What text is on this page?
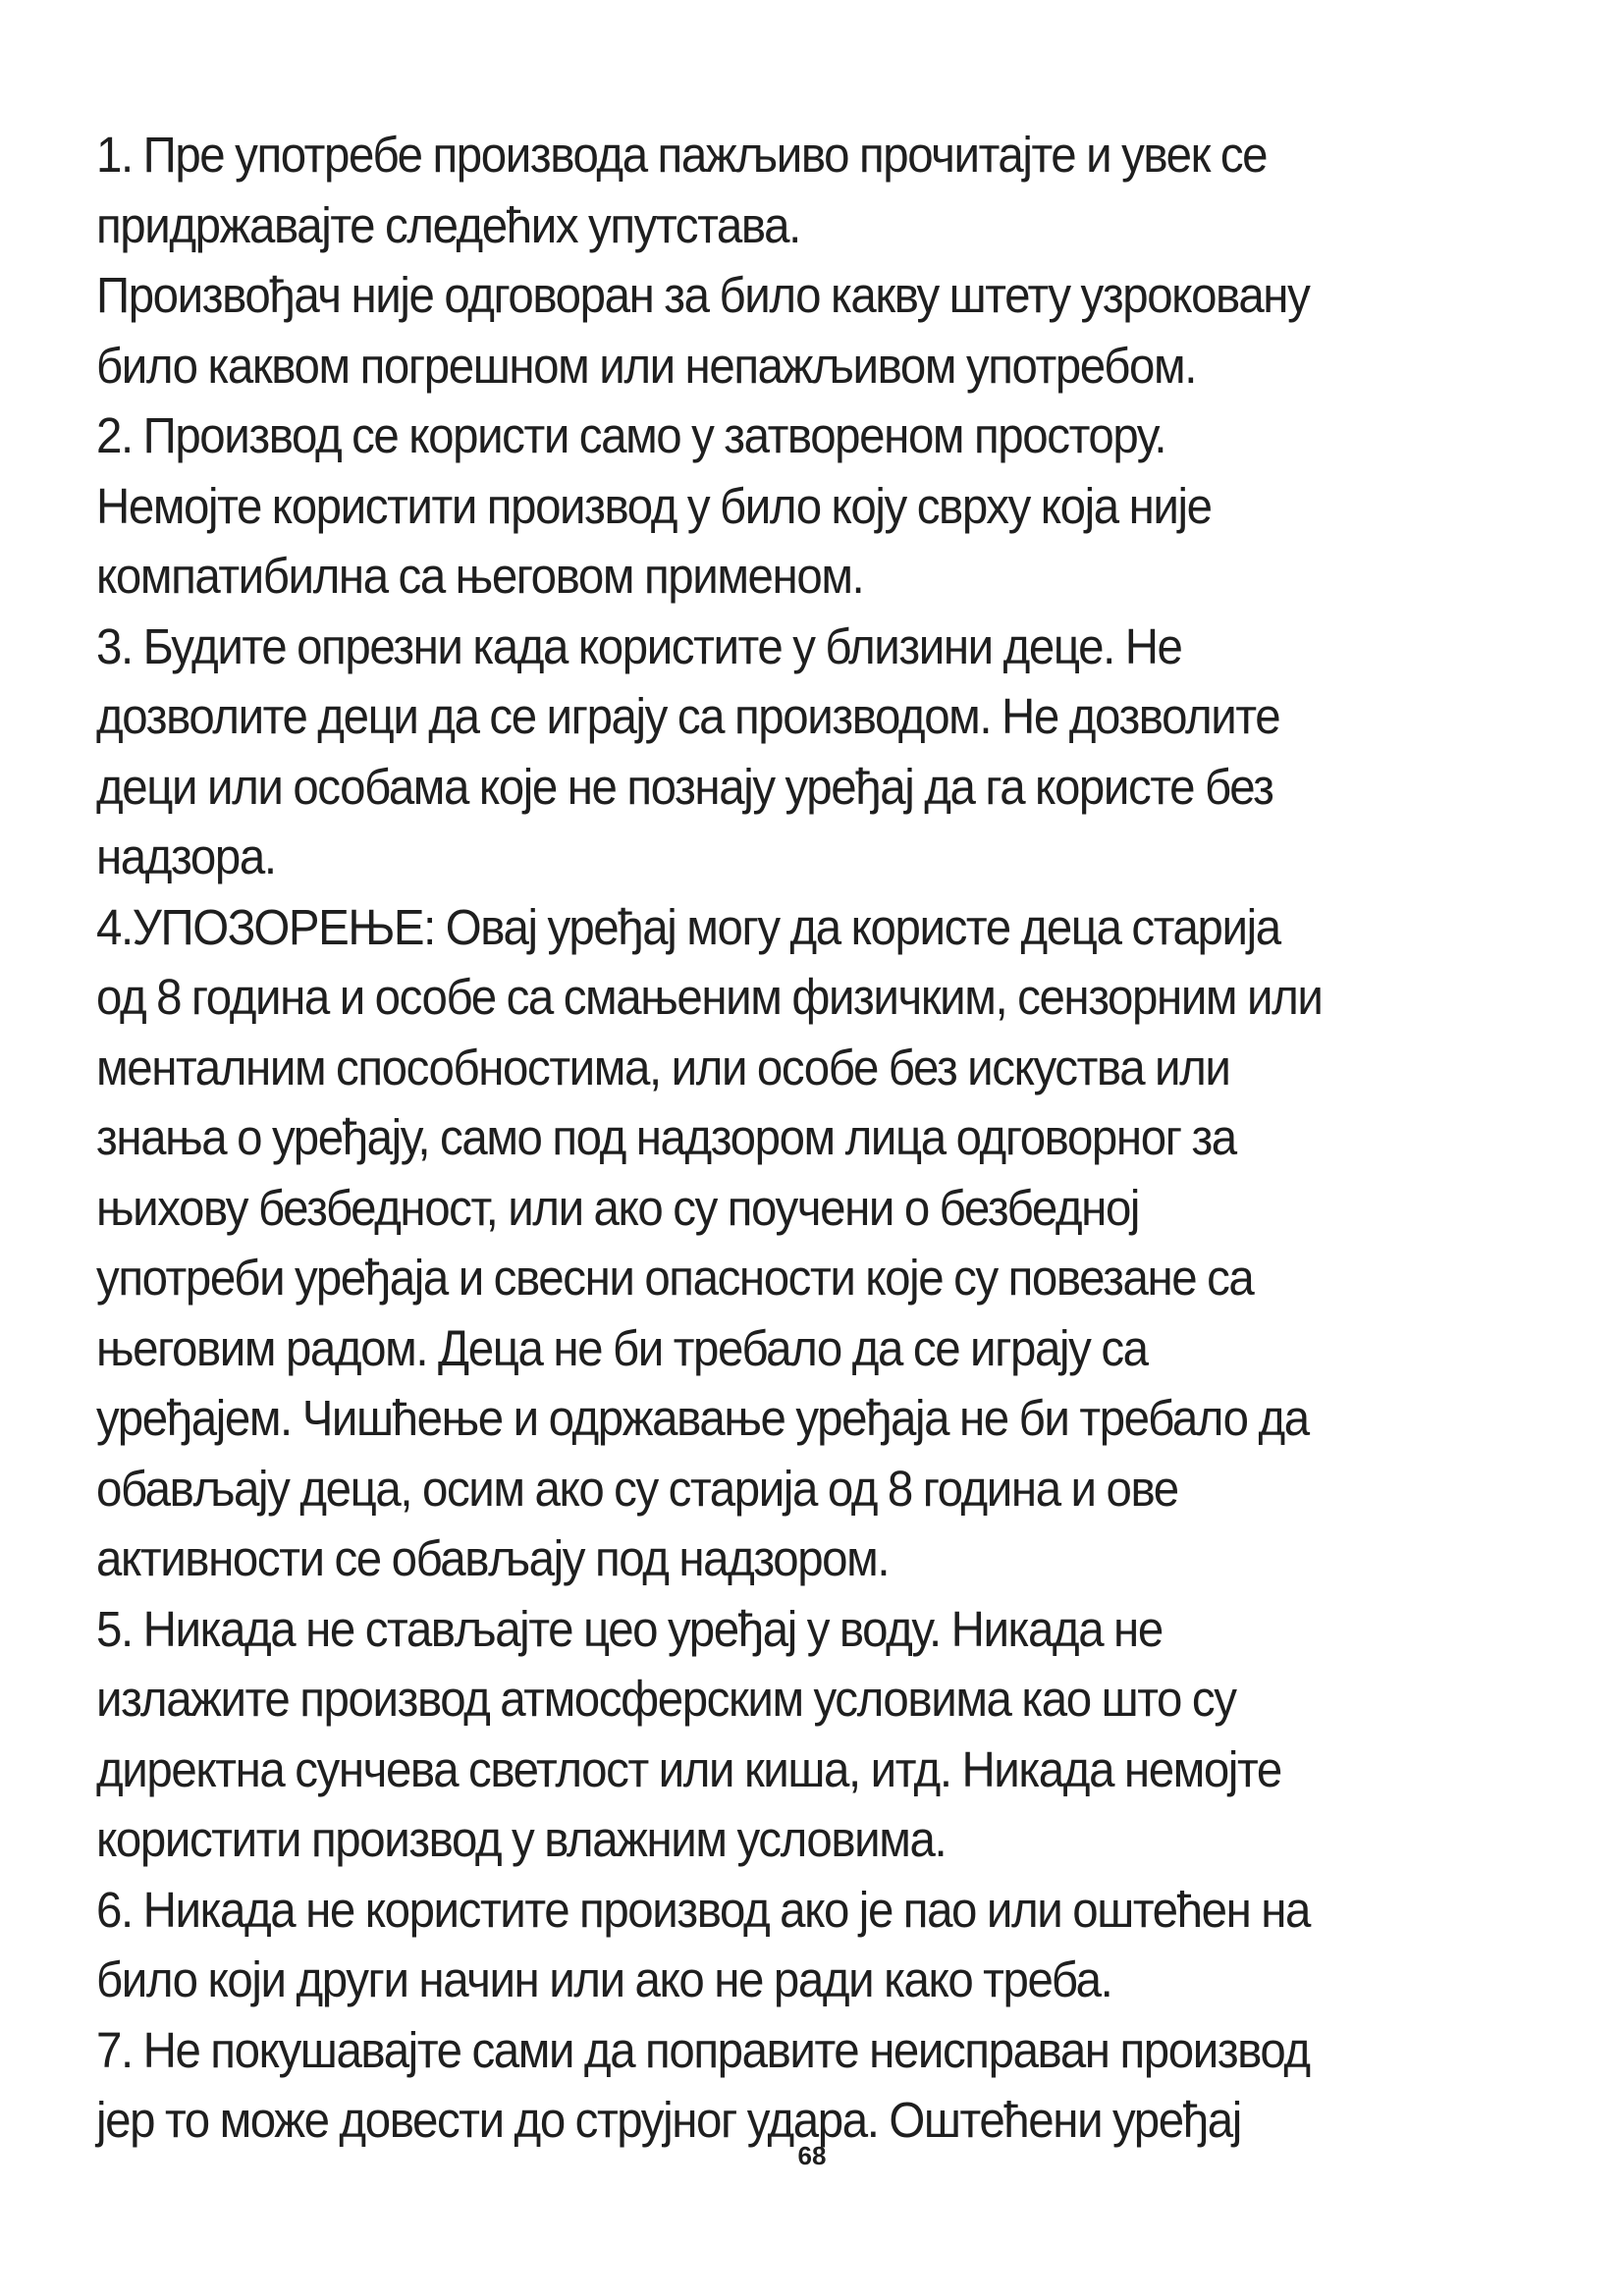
1. Пре употребе производа пажљиво прочитајте и увек се
придржавајте следећих упутстава.
Произвођач није одговоран за било какву штету узроковану
било каквом погрешном или непажљивом употребом.
2. Производ се користи само у затвореном простору.
Немојте користити производ у било коју сврху која није
компатибилна са његовом применом.
3. Будите опрезни када користите у близини деце. Не
дозволите деци да се играју са производом. Не дозволите
деци или особама које не познају уређај да га користе без
надзора.
4.УПОЗОРЕЊЕ: Овај уређај могу да користе деца старија
од 8 година и особе са смањеним физичким, сензорним или
менталним способностима, или особе без искуства или
знања о уређају, само под надзором лица одговорног за
њихову безбедност, или ако су поучени о безбедној
употреби уређаја и свесни опасности које су повезане са
његовим радом. Деца не би требало да се играју са
уређајем. Чишћење и одржавање уређаја не би требало да
обављају деца, осим ако су старија од 8 година и ове
активности се обављају под надзором.
5. Никада не стављајте цео уређај у воду. Никада не
излажите производ атмосферским условима као што су
директна сунчева светлост или киша, итд. Никада немојте
користити производ у влажним условима.
6. Никада не користите производ ако је пао или оштећен на
било који други начин или ако не ради како треба.
7. Не покушавајте сами да поправите неисправан производ
јер то може довести до струјног удара. Оштећени уређај
68
